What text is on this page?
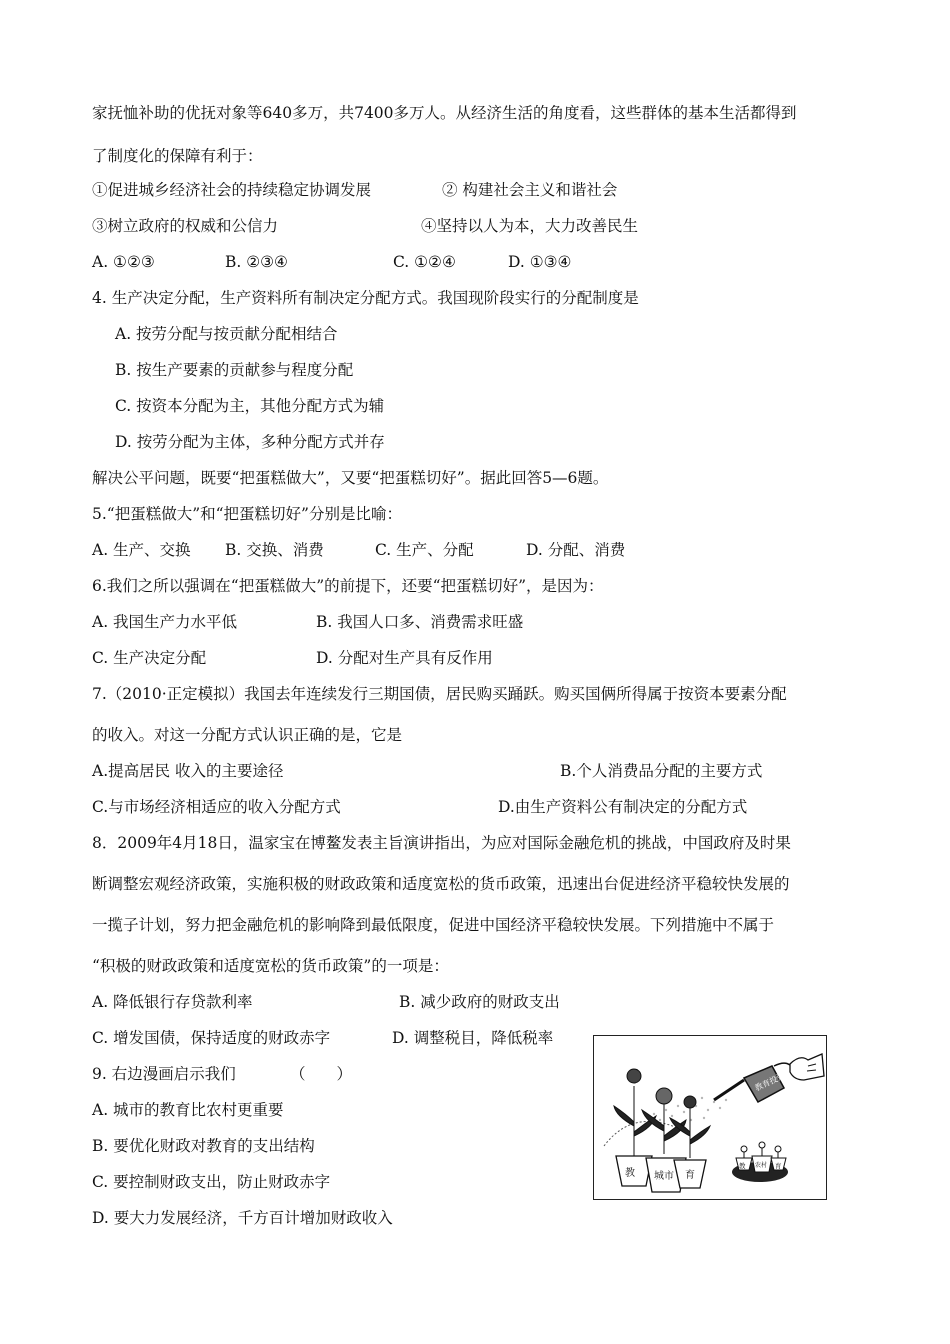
家抚恤补助的优抚对象等640多万，共7400多万人。从经济生活的角度看，这些群体的基本生活都得到
了制度化的保障有利于：
①促进城乡经济社会的持续稳定协调发展	② 构建社会主义和谐社会
③树立政府的权威和公信力	④坚持以人为本，大力改善民生
A. ①②③	B. ②③④	C. ①②④	D. ①③④
4. 生产决定分配，生产资料所有制决定分配方式。我国现阶段实行的分配制度是
A. 按劳分配与按贡献分配相结合
B. 按生产要素的贡献参与程度分配
C. 按资本分配为主，其他分配方式为辅
D. 按劳分配为主体，多种分配方式并存
解决公平问题，既要“把蛋糕做大”，又要“把蛋糕切好”。据此回答5—6题。
5.“把蛋糕做大”和“把蛋糕切好”分别是比喻：
A. 生产、交换 B. 交换、消费	C. 生产、分配	D. 分配、消费
6.我们之所以强调在“把蛋糕做大”的前提下，还要“把蛋糕切好”，是因为：
A. 我国生产力水平低	B. 我国人口多、消费需求旺盛
C. 生产决定分配	D. 分配对生产具有反作用
7.（2010·正定模拟）我国去年连续发行三期国债，居民购买踊跃。购买国俩所得属于按资本要素分配
的收入。对这一分配方式认识正确的是，它是
A.提高居民 收入的主要途径	B.个人消费品分配的主要方式
C.与市场经济相适应的收入分配方式	D.由生产资料公有制决定的分配方式
8．2009年4月18日，温家宝在博鳌发表主旨演讲指出，为应对国际金融危机的挑战，中国政府及时果
断调整宏观经济政策，实施积极的财政政策和适度宽松的货币政策，迅速出台促进经济平稳较快发展的
一揽子计划，努力把金融危机的影响降到最低限度，促进中国经济平稳较快发展。下列措施中不属于
“积极的财政政策和适度宽松的货币政策”的一项是：
A. 降低银行存贷款利率	B. 减少政府的财政支出
C. 增发国债，保持适度的财政赤字	D. 调整税目，降低税率
9. 右边漫画启示我们　　　　（　　）
A. 城市的教育比农村更重要
B. 要优化财政对教育的支出结构
C. 要控制财政支出，防止财政赤字
D. 要大力发展经济，千方百计增加财政收入
教育投资
教 城市 育
教 农村 育
